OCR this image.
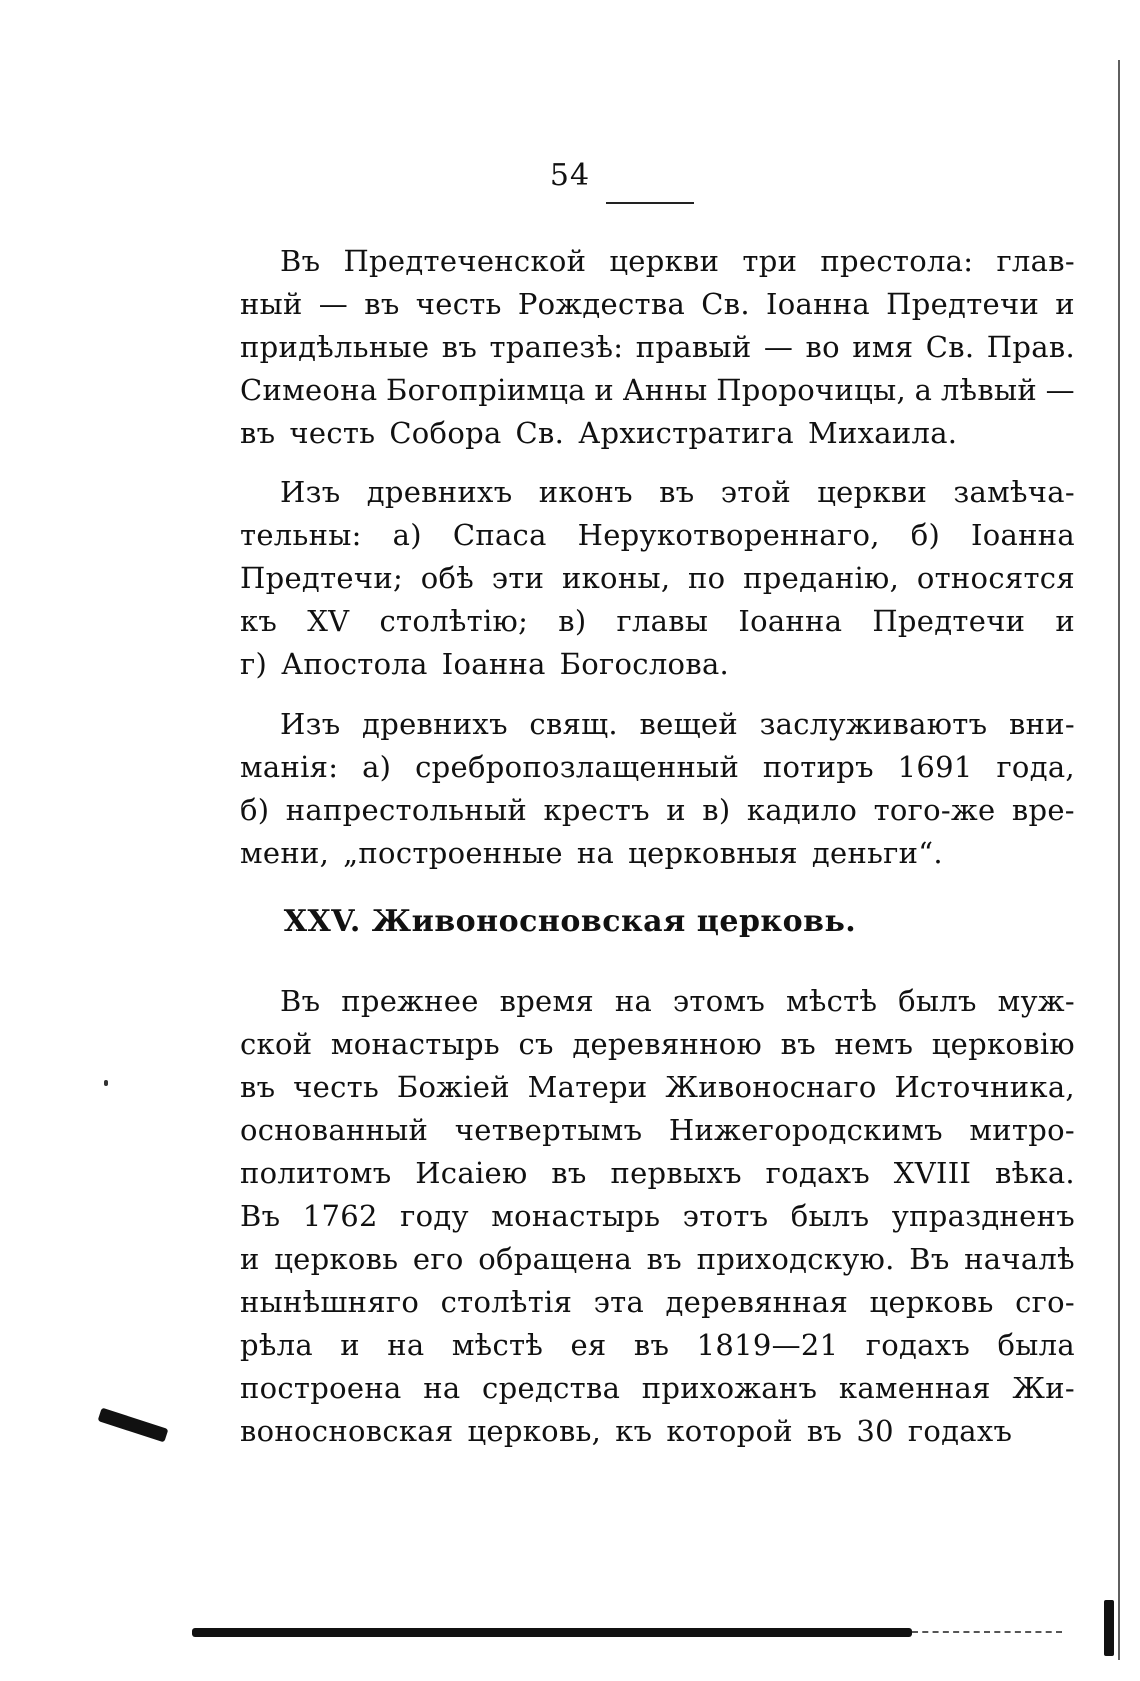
54
Въ Предтеченской церкви три престола: глав-
ный — въ честь Рождества Св. Іоанна Предтечи и
придѣльные въ трапезѣ: правый — во имя Св. Прав.
Симеона Богопріимца и Анны Пророчицы, а лѣвый —
въ честь Собора Св. Архистратига Михаила.
Изъ древнихъ иконъ въ этой церкви замѣча-
тельны: а) Спаса Нерукотвореннаго, б) Іоанна
Предтечи; обѣ эти иконы, по преданію, относятся
къ XV столѣтію; в) главы Іоанна Предтечи и
г) Апостола Іоанна Богослова.
Изъ древнихъ свящ. вещей заслуживаютъ вни-
манія: а) сребропозлащенный потиръ 1691 года,
б) напрестольный крестъ и в) кадило того-же вре-
мени, „построенные на церковныя деньги“.
XXV. Живоносновская церковь.
Въ прежнее время на этомъ мѣстѣ былъ муж-
ской монастырь съ деревянною въ немъ церковію
въ честь Божіей Матери Живоноснаго Источника,
основанный четвертымъ Нижегородскимъ митро-
политомъ Исаіею въ первыхъ годахъ XVIII вѣка.
Въ 1762 году монастырь этотъ былъ упраздненъ
и церковь его обращена въ приходскую. Въ началѣ
нынѣшняго столѣтія эта деревянная церковь сго-
рѣла и на мѣстѣ ея въ 1819—21 годахъ была
построена на средства прихожанъ каменная Жи-
воносновская церковь, къ которой въ 30 годахъ
